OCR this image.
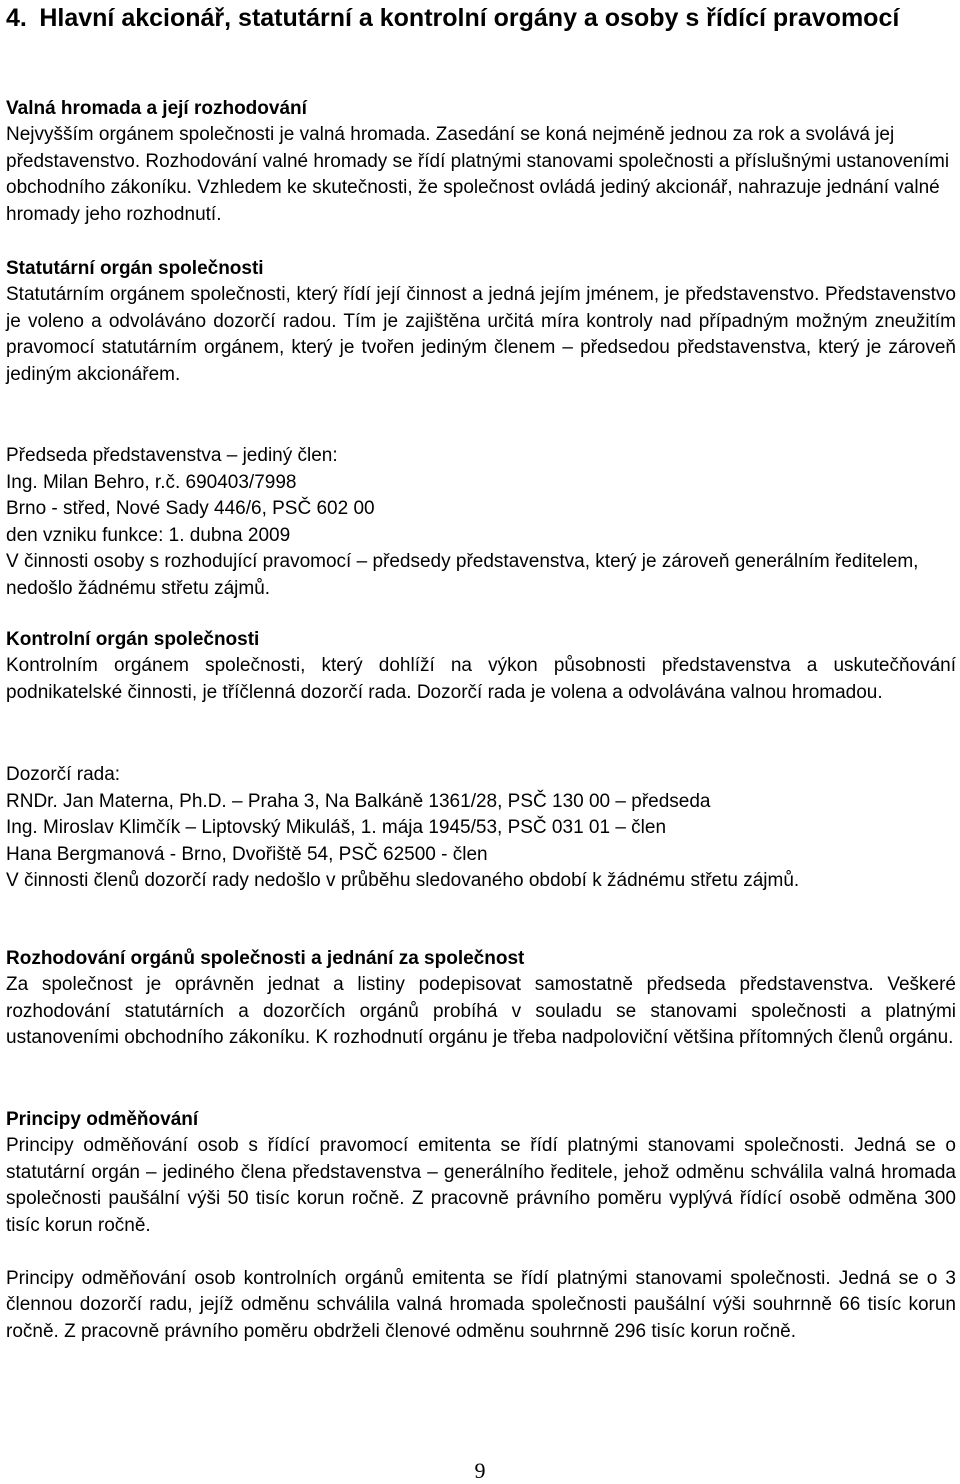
4. Hlavní akcionář, statutární a kontrolní orgány a osoby s řídící pravomocí
Valná hromada a její rozhodování

Nejvyšším orgánem společnosti je valná hromada. Zasedání se koná nejméně jednou za rok a svolává jej představenstvo. Rozhodování valné hromady se řídí platnými stanovami společnosti a příslušnými ustanoveními obchodního zákoníku. Vzhledem ke skutečnosti, že společnost ovládá jediný akcionář, nahrazuje jednání valné hromady jeho rozhodnutí.

Statutární orgán společnosti

Statutárním orgánem společnosti, který řídí její činnost a jedná jejím jménem, je představenstvo. Představenstvo je voleno a odvoláváno dozorčí radou. Tím je zajištěna určitá míra kontroly nad případným možným zneužitím pravomocí statutárním orgánem, který je tvořen jediným členem – předsedou představenstva, který je zároveň jediným akcionářem.

Předseda představenstva – jediný člen:
Ing. Milan Behro, r.č. 690403/7998
Brno - střed, Nové Sady 446/6, PSČ 602 00
den vzniku funkce: 1. dubna 2009

V činnosti osoby s rozhodující pravomocí – předsedy představenstva, který je zároveň generálním ředitelem, nedošlo žádnému střetu zájmů.

Kontrolní orgán společnosti

Kontrolním orgánem společnosti, který dohlíží na výkon působnosti představenstva a uskutečňování podnikatelské činnosti, je tříčlenná dozorčí rada. Dozorčí rada je volena a odvolávána valnou hromadou.

Dozorčí rada:
RNDr. Jan Materna, Ph.D. – Praha 3, Na Balkáně 1361/28, PSČ 130 00 – předseda
Ing. Miroslav Klimčík – Liptovský Mikuláš, 1. mája 1945/53, PSČ 031 01 – člen
Hana Bergmanová - Brno, Dvořiště 54, PSČ 62500 - člen

V činnosti členů dozorčí rady nedošlo v průběhu sledovaného období k žádnému střetu zájmů.

Rozhodování orgánů společnosti a jednání za společnost

Za společnost je oprávněn jednat a listiny podepisovat samostatně předseda představenstva. Veškeré rozhodování statutárních a dozorčích orgánů probíhá v souladu se stanovami společnosti a platnými ustanoveními obchodního zákoníku. K rozhodnutí orgánu je třeba nadpoloviční většina přítomných členů orgánu.

Principy odměňování

Principy odměňování osob s řídící pravomocí emitenta se řídí platnými stanovami společnosti. Jedná se o statutární orgán – jediného člena představenstva – generálního ředitele, jehož odměnu schválila valná hromada společnosti paušální výši 50 tisíc korun ročně. Z pracovně právního poměru vyplývá řídící osobě odměna 300 tisíc korun ročně.

Principy odměňování osob kontrolních orgánů emitenta se řídí platnými stanovami společnosti. Jedná se o 3 člennou dozorčí radu, jejíž odměnu schválila valná hromada společnosti paušální výši souhrnně 66 tisíc korun ročně. Z pracovně právního poměru obdrželi členové odměnu souhrnně 296 tisíc korun ročně.

9
